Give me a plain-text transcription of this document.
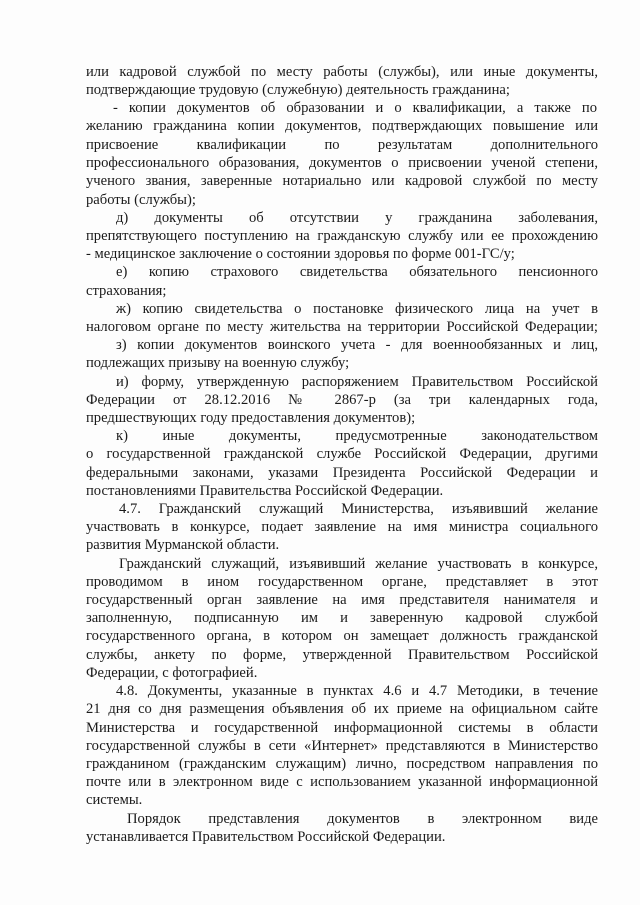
или кадровой службой по месту работы (службы), или иные документы,
подтверждающие трудовую (служебную) деятельность гражданина;
- копии документов об образовании и о квалификации, а также по
желанию гражданина копии документов, подтверждающих повышение или
присвоение квалификации по результатам дополнительного
профессионального образования, документов о присвоении ученой степени,
ученого звания, заверенные нотариально или кадровой службой по месту
работы (службы);
д) документы об отсутствии у гражданина заболевания,
препятствующего поступлению на гражданскую службу или ее прохождению
- медицинское заключение о состоянии здоровья по форме 001-ГС/у;
е) копию страхового свидетельства обязательного пенсионного
страхования;
ж) копию свидетельства о постановке физического лица на учет в
налоговом органе по месту жительства на территории Российской Федерации;
з) копии документов воинского учета - для военнообязанных и лиц,
подлежащих призыву на военную службу;
и) форму, утвержденную распоряжением Правительством Российской
Федерации от 28.12.2016 № 2867-р (за три календарных года,
предшествующих году предоставления документов);
к) иные документы, предусмотренные законодательством
о государственной гражданской службе Российской Федерации, другими
федеральными законами, указами Президента Российской Федерации и
постановлениями Правительства Российской Федерации.
4.7. Гражданский служащий Министерства, изъявивший желание
участвовать в конкурсе, подает заявление на имя министра социального
развития Мурманской области.
Гражданский служащий, изъявивший желание участвовать в конкурсе,
проводимом в ином государственном органе, представляет в этот
государственный орган заявление на имя представителя нанимателя и
заполненную, подписанную им и заверенную кадровой службой
государственного органа, в котором он замещает должность гражданской
службы, анкету по форме, утвержденной Правительством Российской
Федерации, с фотографией.
4.8. Документы, указанные в пунктах 4.6 и 4.7 Методики, в течение
21 дня со дня размещения объявления об их приеме на официальном сайте
Министерства и государственной информационной системы в области
государственной службы в сети «Интернет» представляются в Министерство
гражданином (гражданским служащим) лично, посредством направления по
почте или в электронном виде с использованием указанной информационной
системы.
Порядок представления документов в электронном виде
устанавливается Правительством Российской Федерации.
